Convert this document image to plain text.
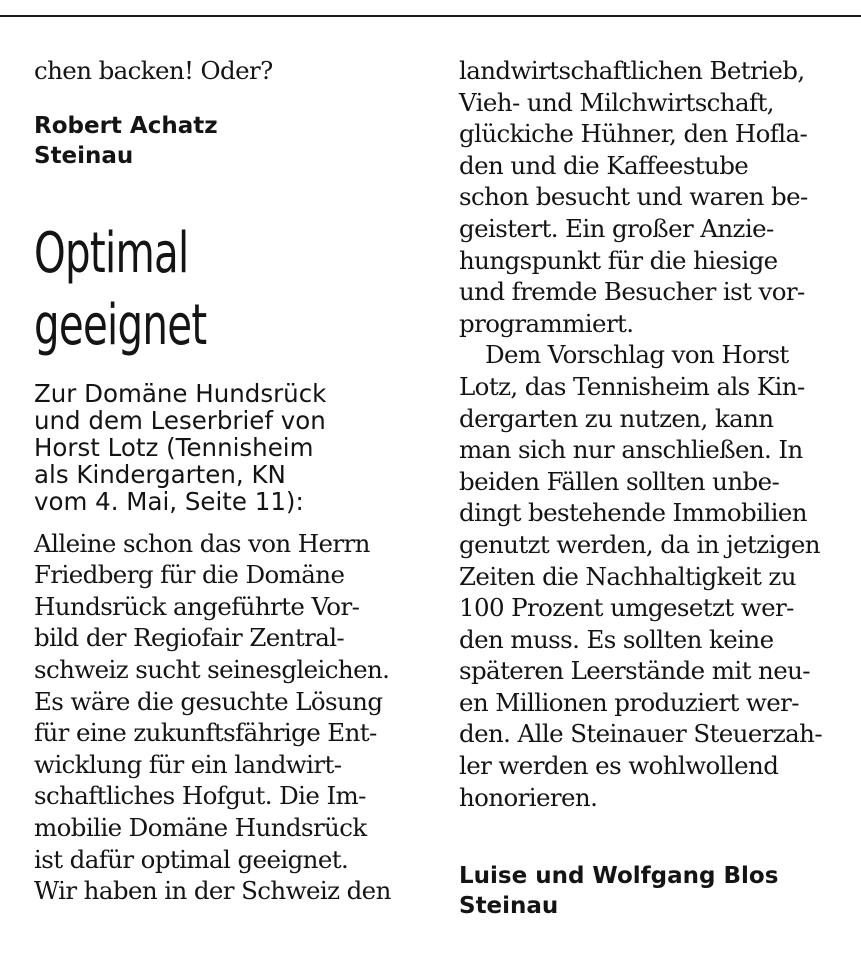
chen backen! Oder?

Robert Achatz

Steinau

Optimal

geeignet

Zur Domäne Hundsrück

und dem Leserbrief von

Horst Lotz (Tennisheim

als Kindergarten, KN

vom 4. Mai, Seite 11):

Alleine schon das von Herrn

Friedberg für die Domäne

Hundsrück angeführte Vor-

bild der Regiofair Zentral-

schweiz sucht seinesgleichen.

Es wäre die gesuchte Lösung

für eine zukunftsfährige Ent-

wicklung für ein landwirt-

schaftliches Hofgut. Die Im-

mobilie Domäne Hundsrück

ist dafür optimal geeignet.

Wir haben in der Schweiz den

landwirtschaftlichen Betrieb,

Vieh- und Milchwirtschaft,

glückiche Hühner, den Hofla-

den und die Kaffeestube

schon besucht und waren be-

geistert. Ein großer Anzie-

hungspunkt für die hiesige

und fremde Besucher ist vor-

programmiert.

Dem Vorschlag von Horst

Lotz, das Tennisheim als Kin-

dergarten zu nutzen, kann

man sich nur anschließen. In

beiden Fällen sollten unbe-

dingt bestehende Immobilien

genutzt werden, da in jetzigen

Zeiten die Nachhaltigkeit zu

100 Prozent umgesetzt wer-

den muss. Es sollten keine

späteren Leerstände mit neu-

en Millionen produziert wer-

den. Alle Steinauer Steuerzah-

ler werden es wohlwollend

honorieren.

Luise und Wolfgang Blos

Steinau
